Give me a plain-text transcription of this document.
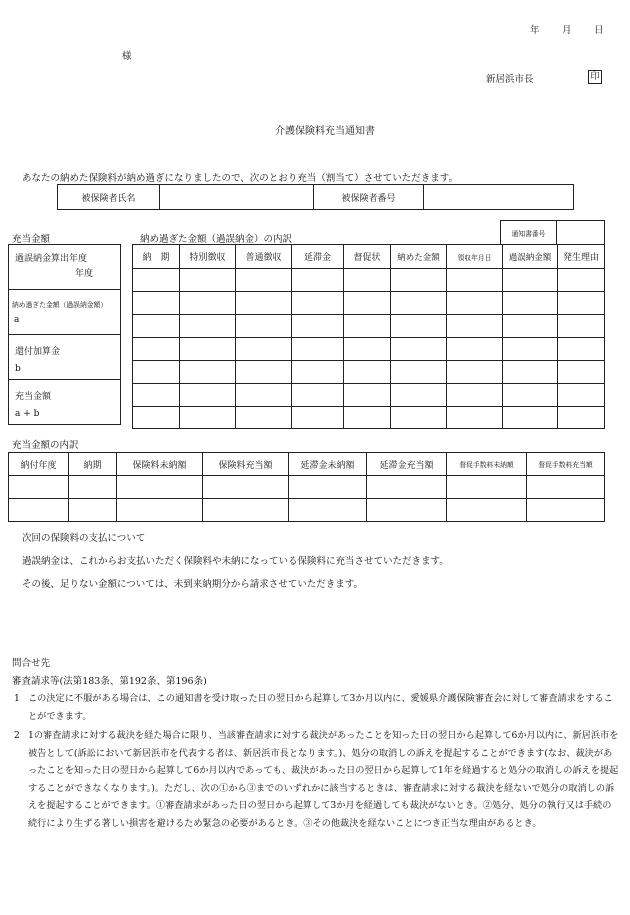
年 月 日
様
新居浜市長	印
介護保険料充当通知書
あなたの納めた保険料が納め過ぎになりましたので、次のとおり充当（割当て）させていただきます。
被保険者氏名		被保険者番号	
充当金額	納め過ぎた金額（過誤納金）の内訳
過誤納金算出年度
年度
納め過ぎた金額（過誤納金額）
a
還付加算金
b
充当金額
a + b
通知書番号	
納　期	特別徴収	普通徴収	延滞金	督促状	納めた金額	領収年月日	過誤納金額	発生理由

充当金額の内訳
納付年度	納期	保険料未納額	保険料充当額	延滞金未納額	延滞金充当額	督促手数料未納額	督促手数料充当額

次回の保険料の支払について
過誤納金は、これからお支払いただく保険料や未納になっている保険料に充当させていただきます。
その後、足りない金額については、未到来納期分から請求させていただきます。
問合せ先
審査請求等(法第183条、第192条、第196条)
1 この決定に不服がある場合は、この通知書を受け取った日の翌日から起算して3か月以内に、愛媛県介護保険審査会に対して審査請求をすることができます。
2 1の審査請求に対する裁決を経た場合に限り、当該審査請求に対する裁決があったことを知った日の翌日から起算して6か月以内に、新居浜市を被告として(訴訟において新居浜市を代表する者は、新居浜市長となります。)、処分の取消しの訴えを提起することができます(なお、裁決があったことを知った日の翌日から起算して6か月以内であっても、裁決があった日の翌日から起算して1年を経過すると処分の取消しの訴えを提起することができなくなります。)。ただし、次の①から③までのいずれかに該当するときは、審査請求に対する裁決を経ないで処分の取消しの訴えを提起することができます。①審査請求があった日の翌日から起算して3か月を経過しても裁決がないとき。②処分、処分の執行又は手続の続行により生ずる著しい損害を避けるため緊急の必要があるとき。③その他裁決を経ないことにつき正当な理由があるとき。
